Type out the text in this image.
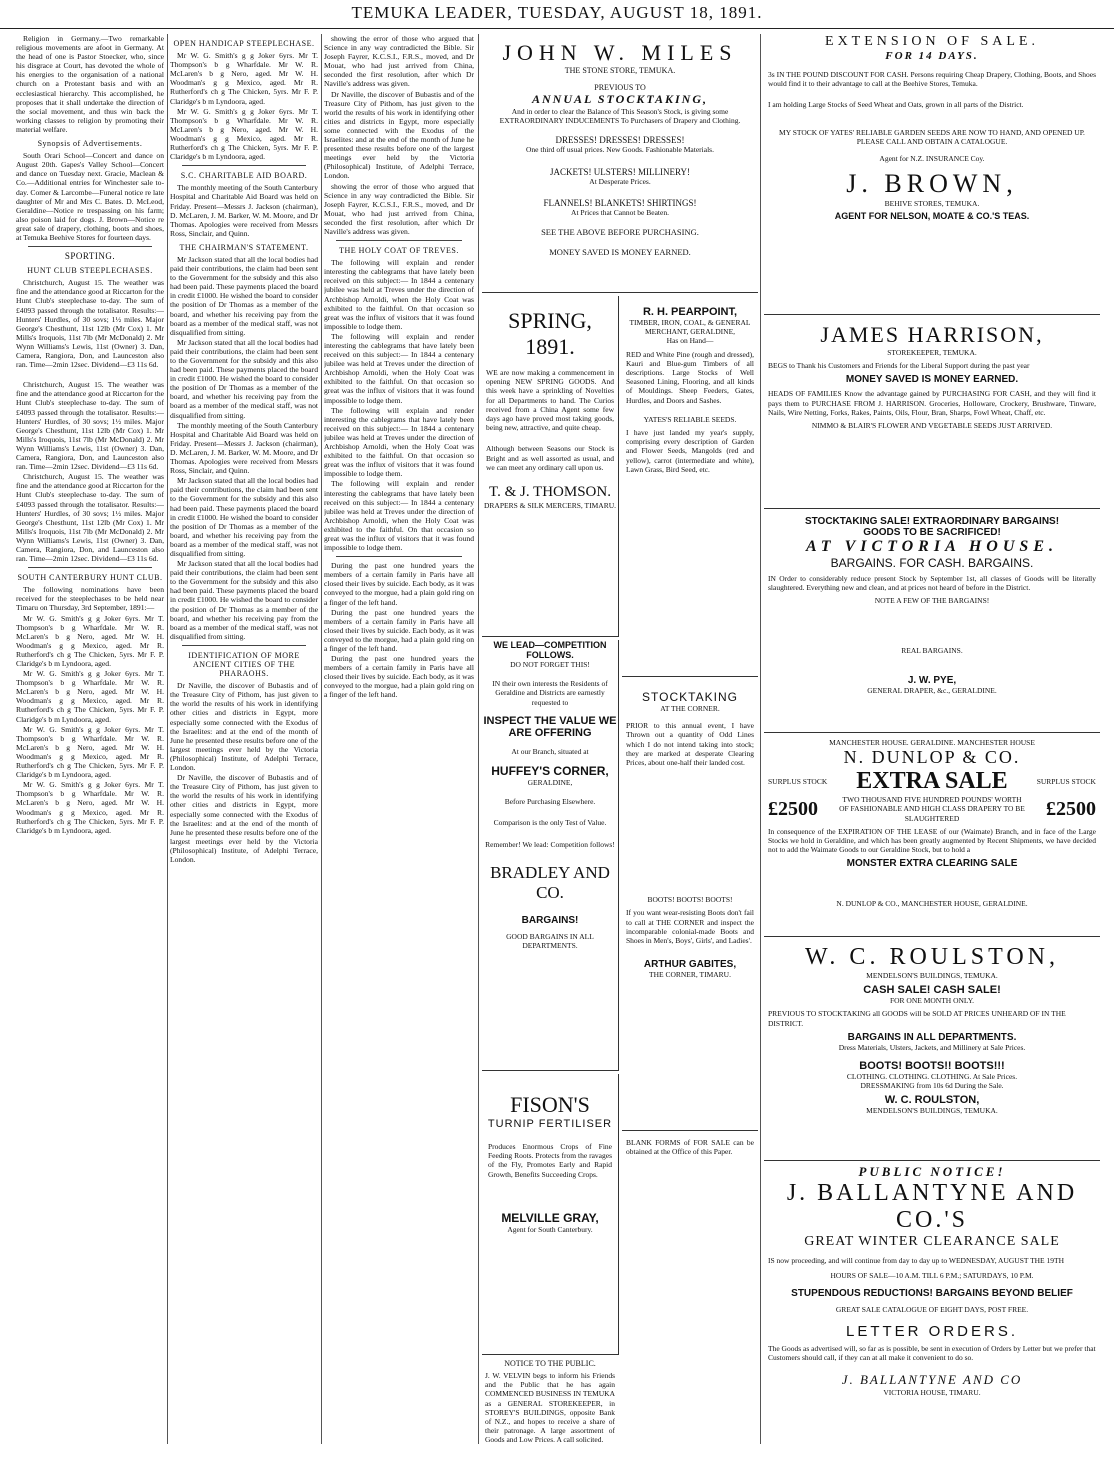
TEMUKA LEADER, TUESDAY, AUGUST 18, 1891.

Religion in Germany.—Two remarkable religious movements are afoot in Germany. At the head of one is Pastor Stoecker, who, since his disgrace at Court, has devoted the whole of his energies to the organisation of a national church on a Protestant basis and with an ecclesiastical hierarchy. This accomplished, he proposes that it shall undertake the direction of the social movement, and thus win back the working classes to religion by promoting their material welfare.

Synopsis of Advertisements.

South Orari School—Concert and dance on August 20th. Gapes's Valley School—Concert and dance on Tuesday next. Gracie, Maclean & Co.—Additional entries for Winchester sale to-day. Comer & Larcombe—Funeral notice re late daughter of Mr and Mrs C. Bates. D. McLeod, Geraldine—Notice re trespassing on his farm; also poison laid for dogs. J. Brown—Notice re great sale of drapery, clothing, boots and shoes, at Temuka Beehive Stores for fourteen days.

SPORTING.
HUNT CLUB STEEPLECHASES.

Christchurch, August 15. The weather was fine and the attendance good at Riccarton for the Hunt Club's steeplechase to-day. The sum of £4093 passed through the totalisator. Results:— Hunters' Hurdles, of 30 sovs; 1½ miles. Major George's Chesthunt, 11st 12lb (Mr Cox) 1. Mr Mills's Iroquois, 11st 7lb (Mr McDonald) 2. Mr Wynn Williams's Lewis, 11st (Owner) 3. Dan, Camera, Rangiora, Don, and Launceston also ran. Time—2min 12sec. Dividend—£3 11s 6d.

Christchurch, August 15. The weather was fine and the attendance good at Riccarton for the Hunt Club's steeplechase to-day. The sum of £4093 passed through the totalisator. Results:— Hunters' Hurdles, of 30 sovs; 1½ miles. Major George's Chesthunt, 11st 12lb (Mr Cox) 1. Mr Mills's Iroquois, 11st 7lb (Mr McDonald) 2. Mr Wynn Williams's Lewis, 11st (Owner) 3. Dan, Camera, Rangiora, Don, and Launceston also ran. Time—2min 12sec. Dividend—£3 11s 6d.

Christchurch, August 15. The weather was fine and the attendance good at Riccarton for the Hunt Club's steeplechase to-day. The sum of £4093 passed through the totalisator. Results:— Hunters' Hurdles, of 30 sovs; 1½ miles. Major George's Chesthunt, 11st 12lb (Mr Cox) 1. Mr Mills's Iroquois, 11st 7lb (Mr McDonald) 2. Mr Wynn Williams's Lewis, 11st (Owner) 3. Dan, Camera, Rangiora, Don, and Launceston also ran. Time—2min 12sec. Dividend—£3 11s 6d.

SOUTH CANTERBURY HUNT CLUB.

The following nominations have been received for the steeplechases to be held near Timaru on Thursday, 3rd September, 1891:—

Mr W. G. Smith's g g Joker 6yrs. Mr T. Thompson's b g Wharfdale. Mr W. R. McLaren's b g Nero, aged. Mr W. H. Woodman's g g Mexico, aged. Mr R. Rutherford's ch g The Chicken, 5yrs. Mr F. P. Claridge's b m Lyndoora, aged.

Mr W. G. Smith's g g Joker 6yrs. Mr T. Thompson's b g Wharfdale. Mr W. R. McLaren's b g Nero, aged. Mr W. H. Woodman's g g Mexico, aged. Mr R. Rutherford's ch g The Chicken, 5yrs. Mr F. P. Claridge's b m Lyndoora, aged.

Mr W. G. Smith's g g Joker 6yrs. Mr T. Thompson's b g Wharfdale. Mr W. R. McLaren's b g Nero, aged. Mr W. H. Woodman's g g Mexico, aged. Mr R. Rutherford's ch g The Chicken, 5yrs. Mr F. P. Claridge's b m Lyndoora, aged.

Mr W. G. Smith's g g Joker 6yrs. Mr T. Thompson's b g Wharfdale. Mr W. R. McLaren's b g Nero, aged. Mr W. H. Woodman's g g Mexico, aged. Mr R. Rutherford's ch g The Chicken, 5yrs. Mr F. P. Claridge's b m Lyndoora, aged.

OPEN HANDICAP STEEPLECHASE.

Mr W. G. Smith's g g Joker 6yrs. Mr T. Thompson's b g Wharfdale. Mr W. R. McLaren's b g Nero, aged. Mr W. H. Woodman's g g Mexico, aged. Mr R. Rutherford's ch g The Chicken, 5yrs. Mr F. P. Claridge's b m Lyndoora, aged.

Mr W. G. Smith's g g Joker 6yrs. Mr T. Thompson's b g Wharfdale. Mr W. R. McLaren's b g Nero, aged. Mr W. H. Woodman's g g Mexico, aged. Mr R. Rutherford's ch g The Chicken, 5yrs. Mr F. P. Claridge's b m Lyndoora, aged.

S.C. CHARITABLE AID BOARD.

The monthly meeting of the South Canterbury Hospital and Charitable Aid Board was held on Friday. Present—Messrs J. Jackson (chairman), D. McLaren, J. M. Barker, W. M. Moore, and Dr Thomas. Apologies were received from Messrs Ross, Sinclair, and Quinn.

THE CHAIRMAN'S STATEMENT.

Mr Jackson stated that all the local bodies had paid their contributions, the claim had been sent to the Government for the subsidy and this also had been paid. These payments placed the board in credit £1000. He wished the board to consider the position of Dr Thomas as a member of the board, and whether his receiving pay from the board as a member of the medical staff, was not disqualified from sitting.

Mr Jackson stated that all the local bodies had paid their contributions, the claim had been sent to the Government for the subsidy and this also had been paid. These payments placed the board in credit £1000. He wished the board to consider the position of Dr Thomas as a member of the board, and whether his receiving pay from the board as a member of the medical staff, was not disqualified from sitting.

The monthly meeting of the South Canterbury Hospital and Charitable Aid Board was held on Friday. Present—Messrs J. Jackson (chairman), D. McLaren, J. M. Barker, W. M. Moore, and Dr Thomas. Apologies were received from Messrs Ross, Sinclair, and Quinn.

Mr Jackson stated that all the local bodies had paid their contributions, the claim had been sent to the Government for the subsidy and this also had been paid. These payments placed the board in credit £1000. He wished the board to consider the position of Dr Thomas as a member of the board, and whether his receiving pay from the board as a member of the medical staff, was not disqualified from sitting.

Mr Jackson stated that all the local bodies had paid their contributions, the claim had been sent to the Government for the subsidy and this also had been paid. These payments placed the board in credit £1000. He wished the board to consider the position of Dr Thomas as a member of the board, and whether his receiving pay from the board as a member of the medical staff, was not disqualified from sitting.

IDENTIFICATION OF MORE ANCIENT CITIES OF THE PHARAOHS.

Dr Naville, the discover of Bubastis and of the Treasure City of Pithom, has just given to the world the results of his work in identifying other cities and districts in Egypt, more especially some connected with the Exodus of the Israelites: and at the end of the month of June he presented these results before one of the largest meetings ever held by the Victoria (Philosophical) Institute, of Adelphi Terrace, London.

Dr Naville, the discover of Bubastis and of the Treasure City of Pithom, has just given to the world the results of his work in identifying other cities and districts in Egypt, more especially some connected with the Exodus of the Israelites: and at the end of the month of June he presented these results before one of the largest meetings ever held by the Victoria (Philosophical) Institute, of Adelphi Terrace, London.

showing the error of those who argued that Science in any way contradicted the Bible. Sir Joseph Fayrer, K.C.S.I., F.R.S., moved, and Dr Mouat, who had just arrived from China, seconded the first resolution, after which Dr Naville's address was given.

Dr Naville, the discover of Bubastis and of the Treasure City of Pithom, has just given to the world the results of his work in identifying other cities and districts in Egypt, more especially some connected with the Exodus of the Israelites: and at the end of the month of June he presented these results before one of the largest meetings ever held by the Victoria (Philosophical) Institute, of Adelphi Terrace, London.

showing the error of those who argued that Science in any way contradicted the Bible. Sir Joseph Fayrer, K.C.S.I., F.R.S., moved, and Dr Mouat, who had just arrived from China, seconded the first resolution, after which Dr Naville's address was given.

THE HOLY COAT OF TREVES.

The following will explain and render interesting the cablegrams that have lately been received on this subject:— In 1844 a centenary jubilee was held at Treves under the direction of Archbishop Arnoldi, when the Holy Coat was exhibited to the faithful. On that occasion so great was the influx of visitors that it was found impossible to lodge them.

The following will explain and render interesting the cablegrams that have lately been received on this subject:— In 1844 a centenary jubilee was held at Treves under the direction of Archbishop Arnoldi, when the Holy Coat was exhibited to the faithful. On that occasion so great was the influx of visitors that it was found impossible to lodge them.

The following will explain and render interesting the cablegrams that have lately been received on this subject:— In 1844 a centenary jubilee was held at Treves under the direction of Archbishop Arnoldi, when the Holy Coat was exhibited to the faithful. On that occasion so great was the influx of visitors that it was found impossible to lodge them.

The following will explain and render interesting the cablegrams that have lately been received on this subject:— In 1844 a centenary jubilee was held at Treves under the direction of Archbishop Arnoldi, when the Holy Coat was exhibited to the faithful. On that occasion so great was the influx of visitors that it was found impossible to lodge them.

During the past one hundred years the members of a certain family in Paris have all closed their lives by suicide. Each body, as it was conveyed to the morgue, had a plain gold ring on a finger of the left hand.

During the past one hundred years the members of a certain family in Paris have all closed their lives by suicide. Each body, as it was conveyed to the morgue, had a plain gold ring on a finger of the left hand.

During the past one hundred years the members of a certain family in Paris have all closed their lives by suicide. Each body, as it was conveyed to the morgue, had a plain gold ring on a finger of the left hand.

JOHN W. MILES
THE STONE STORE, TEMUKA.
PREVIOUS TO
ANNUAL STOCKTAKING,
And in order to clear the Balance of This Season's Stock, is giving some EXTRAORDINARY INDUCEMENTS To Purchasers of Drapery and Clothing.
DRESSES! DRESSES! DRESSES!
One third off usual prices. New Goods. Fashionable Materials.
JACKETS! ULSTERS! MILLINERY!
At Desperate Prices.
FLANNELS! BLANKETS! SHIRTINGS!
At Prices that Cannot be Beaten.
SEE THE ABOVE BEFORE PURCHASING.
MONEY SAVED IS MONEY EARNED.
SPRING, 1891.
WE are now making a commencement in opening NEW SPRING GOODS. And this week have a sprinkling of Novelties for all Departments to hand. The Curios received from a China Agent some few days ago have proved most taking goods, being new, attractive, and quite cheap.
Although between Seasons our Stock is Bright and as well assorted as usual, and we can meet any ordinary call upon us.
T. & J. THOMSON.
DRAPERS & SILK MERCERS, TIMARU.
WE LEAD—COMPETITION FOLLOWS.
DO NOT FORGET THIS!
IN their own interests the Residents of Geraldine and Districts are earnestly requested to
INSPECT THE VALUE WE ARE OFFERING
At our Branch, situated at
HUFFEY'S CORNER,
GERALDINE,
Before Purchasing Elsewhere.
Comparison is the only Test of Value.
Remember! We lead: Competition follows!
BRADLEY AND CO.
BARGAINS!
GOOD BARGAINS IN ALL DEPARTMENTS.
FISON'S
TURNIP FERTILISER
Produces Enormous Crops of Fine Feeding Roots. Protects from the ravages of the Fly, Promotes Early and Rapid Growth, Benefits Succeeding Crops.
MELVILLE GRAY,
Agent for South Canterbury.
NOTICE TO THE PUBLIC.
J. W. VELVIN begs to inform his Friends and the Public that he has again COMMENCED BUSINESS IN TEMUKA as a GENERAL STOREKEEPER, in STOREY'S BUILDINGS, opposite Bank of N.Z., and hopes to receive a share of their patronage. A large assortment of Goods and Low Prices. A call solicited.
R. H. PEARPOINT,
TIMBER, IRON, COAL, & GENERAL MERCHANT, GERALDINE,
Has on Hand—
RED and White Pine (rough and dressed), Kauri and Blue-gum Timbers of all descriptions. Large Stocks of Well Seasoned Lining, Flooring, and all kinds of Mouldings. Sheep Feeders, Gates, Hurdles, and Doors and Sashes.
YATES'S RELIABLE SEEDS.
I have just landed my year's supply, comprising every description of Garden and Flower Seeds, Mangolds (red and yellow), carrot (intermediate and white), Lawn Grass, Bird Seed, etc.
STOCKTAKING
AT THE CORNER.
PRIOR to this annual event, I have Thrown out a quantity of Odd Lines which I do not intend taking into stock; they are marked at desperate Clearing Prices, about one-half their landed cost.
BOOTS! BOOTS! BOOTS!
If you want wear-resisting Boots don't fail to call at THE CORNER and inspect the incomparable colonial-made Boots and Shoes in Men's, Boys', Girls', and Ladies'.
ARTHUR GABITES,
THE CORNER, TIMARU.
BLANK FORMS of FOR SALE can be obtained at the Office of this Paper.
EXTENSION OF SALE.
FOR 14 DAYS.
3s IN THE POUND DISCOUNT FOR CASH. Persons requiring Cheap Drapery, Clothing, Boots, and Shoes would find it to their advantage to call at the Beehive Stores, Temuka.
I am holding Large Stocks of Seed Wheat and Oats, grown in all parts of the District.
MY STOCK OF YATES' RELIABLE GARDEN SEEDS ARE NOW TO HAND, AND OPENED UP. PLEASE CALL AND OBTAIN A CATALOGUE.
Agent for N.Z. INSURANCE Coy.
J. BROWN,
BEHIVE STORES, TEMUKA.
AGENT FOR NELSON, MOATE & CO.'S TEAS.
JAMES HARRISON,
STOREKEEPER, TEMUKA.
BEGS to Thank his Customers and Friends for the Liberal Support during the past year
MONEY SAVED IS MONEY EARNED.
HEADS OF FAMILIES Know the advantage gained by PURCHASING FOR CASH, and they will find it pays them to PURCHASE FROM J. HARRISON. Groceries, Holloware, Crockery, Brushware, Tinware, Nails, Wire Netting, Forks, Rakes, Paints, Oils, Flour, Bran, Sharps, Fowl Wheat, Chaff, etc.
NIMMO & BLAIR'S FLOWER AND VEGETABLE SEEDS JUST ARRIVED.
STOCKTAKING SALE! EXTRAORDINARY BARGAINS!
GOODS TO BE SACRIFICED!
AT VICTORIA HOUSE.
BARGAINS. FOR CASH. BARGAINS.
IN Order to considerably reduce present Stock by September 1st, all classes of Goods will be literally slaughtered. Everything new and clean, and at prices not heard of before in the District.
NOTE A FEW OF THE BARGAINS!
REAL BARGAINS.
J. W. PYE,
GENERAL DRAPER, &c., GERALDINE.
MANCHESTER HOUSE. GERALDINE. MANCHESTER HOUSE
N. DUNLOP & CO.
SURPLUS STOCK EXTRA SALE	SURPLUS STOCK
£2500	TWO THOUSAND FIVE HUNDRED POUNDS' WORTH OF FASHIONABLE AND HIGH CLASS DRAPERY TO BE SLAUGHTERED	£2500
In consequence of the EXPIRATION OF THE LEASE of our (Waimate) Branch, and in face of the Large Stocks we hold in Geraldine, and which has been greatly augmented by Recent Shipments, we have decided not to add the Waimate Goods to our Geraldine Stock, but to hold a
MONSTER EXTRA CLEARING SALE
N. DUNLOP & CO., MANCHESTER HOUSE, GERALDINE.
W. C. ROULSTON,
MENDELSON'S BUILDINGS, TEMUKA.
CASH SALE! CASH SALE!
FOR ONE MONTH ONLY.
PREVIOUS TO STOCKTAKING all GOODS will be SOLD AT PRICES UNHEARD OF IN THE DISTRICT.
BARGAINS IN ALL DEPARTMENTS.
Dress Materials, Ulsters, Jackets, and Millinery at Sale Prices.
BOOTS! BOOTS!! BOOTS!!!
CLOTHING. CLOTHING. CLOTHING. At Sale Prices.
DRESSMAKING from 10s 6d During the Sale.
W. C. ROULSTON,
MENDELSON'S BUILDINGS, TEMUKA.
PUBLIC NOTICE!
J. BALLANTYNE AND CO.'S
GREAT WINTER CLEARANCE SALE
IS now proceeding, and will continue from day to day up to WEDNESDAY, AUGUST THE 19TH
HOURS OF SALE—10 A.M. TILL 6 P.M.; SATURDAYS, 10 P.M.
STUPENDOUS REDUCTIONS! BARGAINS BEYOND BELIEF
GREAT SALE CATALOGUE OF EIGHT DAYS, POST FREE.
LETTER ORDERS.
The Goods as advertised will, so far as is possible, be sent in execution of Orders by Letter but we prefer that Customers should call, if they can at all make it convenient to do so.
J. BALLANTYNE AND CO
VICTORIA HOUSE, TIMARU.
